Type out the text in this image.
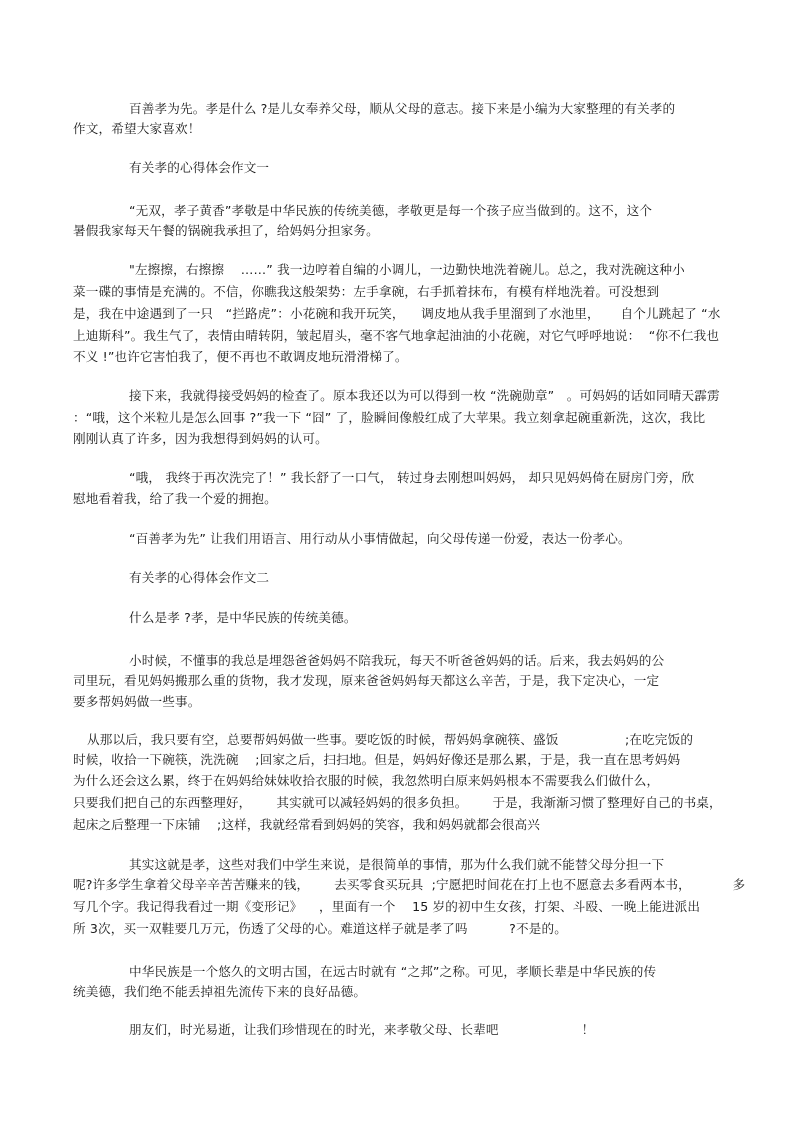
百善孝为先。孝是什么 ?是儿女奉养父母，顺从父母的意志。接下来是小编为大家整理的有关孝的
作文，希望大家喜欢！
有关孝的心得体会作文一
“无双，孝子黄香”孝敬是中华民族的传统美德，孝敬更是每一个孩子应当做到的。这不，这个
暑假我家每天午餐的锅碗我承担了，给妈妈分担家务。
"左擦擦，右擦擦    ……” 我一边哼着自编的小调儿，一边勤快地洗着碗儿。总之，我对洗碗这种小
菜一碟的事情是充满的。不信，你瞧我这般架势：左手拿碗，右手抓着抹布，有模有样地洗着。可没想到
是，我在中途遇到了一只   “拦路虎”：小花碗和我开玩笑，    调皮地从我手里溜到了水池里，     自个儿跳起了 “水
上迪斯科”。我生气了，表情由晴转阴，皱起眉头，毫不客气地拿起油油的小花碗，对它气呼呼地说：  “你不仁我也
不义 !”也许它害怕我了，便不再也不敢调皮地玩滑滑梯了。
接下来，我就得接受妈妈的检查了。原本我还以为可以得到一枚 “洗碗勋章”   。可妈妈的话如同晴天霹雳
：“哦，这个米粒儿是怎么回事 ?”我一下 “囧” 了，脸瞬间像般红成了大苹果。我立刻拿起碗重新洗，这次，我比
刚刚认真了许多，因为我想得到妈妈的认可。
“哦， 我终于再次洗完了！” 我长舒了一口气， 转过身去刚想叫妈妈， 却只见妈妈倚在厨房门旁，欣
慰地看着我，给了我一个爱的拥抱。
“百善孝为先” 让我们用语言、用行动从小事情做起，向父母传递一份爱，表达一份孝心。
有关孝的心得体会作文二
什么是孝 ?孝，是中华民族的传统美德。
小时候，不懂事的我总是埋怨爸爸妈妈不陪我玩，每天不听爸爸妈妈的话。后来，我去妈妈的公
司里玩，看见妈妈搬那么重的货物，我才发现，原来爸爸妈妈每天都这么辛苦，于是，我下定决心，一定
要多帮妈妈做一些事。
从那以后，我只要有空，总要帮妈妈做一些事。要吃饭的时候，帮妈妈拿碗筷、盛饭                ;在吃完饭的
时候，收拾一下碗筷，洗洗碗    ;回家之后，扫扫地。但是，妈妈好像还是那么累，于是，我一直在思考妈妈
为什么还会这么累，终于在妈妈给妹妹收拾衣服的时候，我忽然明白原来妈妈根本不需要我么们做什么，
只要我们把自己的东西整理好，      其实就可以减轻妈妈的很多负担。      于是，我渐渐习惯了整理好自己的书桌，
起床之后整理一下床铺    ;这样，我就经常看到妈妈的笑容，我和妈妈就都会很高兴
其实这就是孝，这些对我们中学生来说，是很简单的事情，那为什么我们就不能替父母分担一下
呢?许多学生拿着父母辛辛苦苦赚来的钱，      去买零食买玩具  ;宁愿把时间花在打上也不愿意去多看两本书，          多
写几个字。我记得我看过一期《变形记》    ，里面有一个    15 岁的初中生女孩，打架、斗殴、一晚上能进派出
所 3次，买一双鞋要几万元，伤透了父母的心。难道这样子就是孝了吗          ?不是的。
中华民族是一个悠久的文明古国，在远古时就有 “之邦”之称。可见，孝顺长辈是中华民族的传
统美德，我们绝不能丢掉祖先流传下来的良好品德。
朋友们，时光易逝，让我们珍惜现在的时光，来孝敬父母、长辈吧                    ！
